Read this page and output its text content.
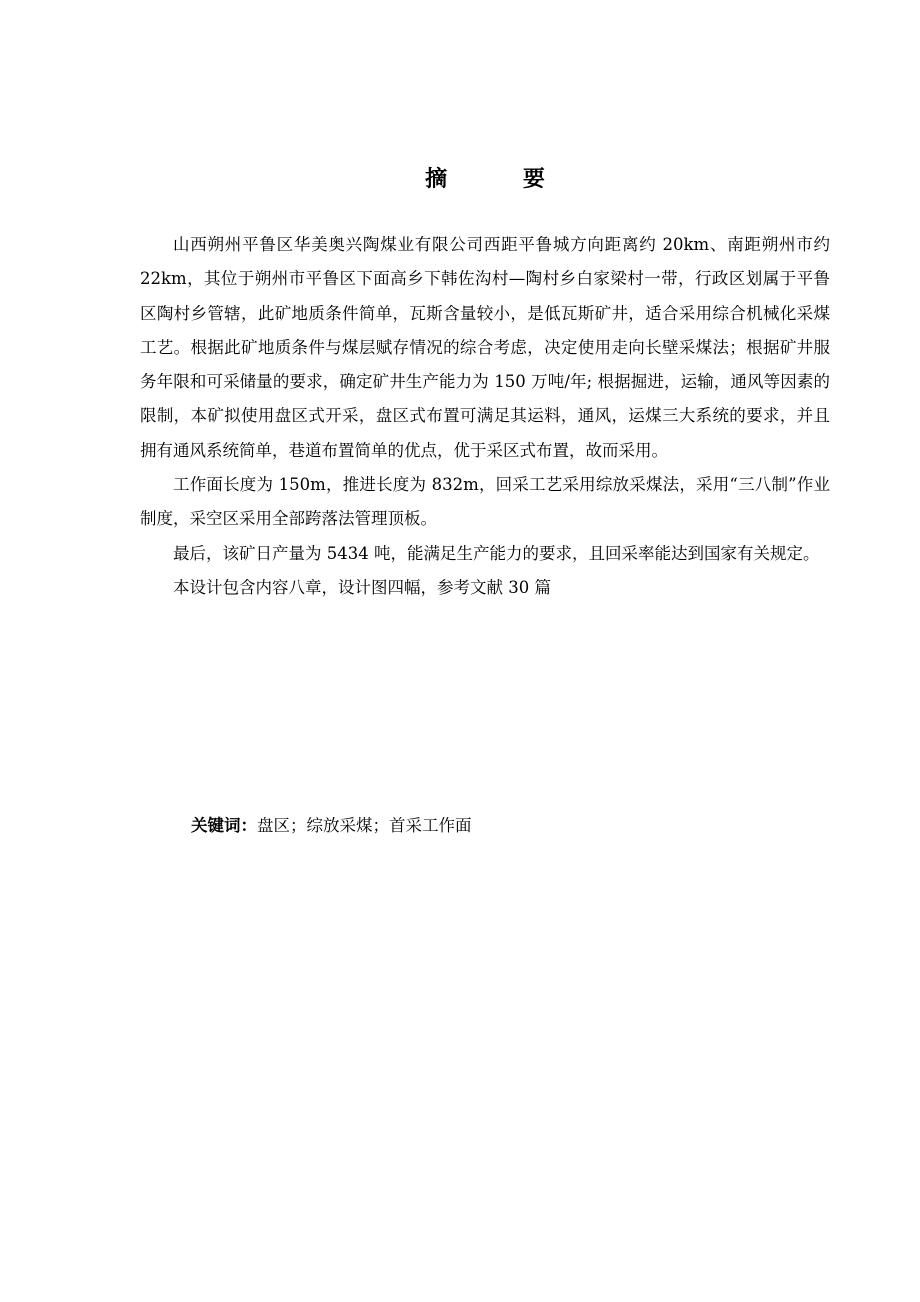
摘 要

山西朔州平鲁区华美奥兴陶煤业有限公司西距平鲁城方向距离约 20km、南距朔州市约 22km，其位于朔州市平鲁区下面高乡下韩佐沟村—陶村乡白家梁村一带，行政区划属于平鲁区陶村乡管辖，此矿地质条件简单，瓦斯含量较小，是低瓦斯矿井，适合采用综合机械化采煤工艺。根据此矿地质条件与煤层赋存情况的综合考虑，决定使用走向长壁采煤法；根据矿井服务年限和可采储量的要求，确定矿井生产能力为 150 万吨/年; 根据掘进，运输，通风等因素的限制，本矿拟使用盘区式开采，盘区式布置可满足其运料，通风，运煤三大系统的要求，并且拥有通风系统简单，巷道布置简单的优点，优于采区式布置，故而采用。

工作面长度为 150m，推进长度为 832m，回采工艺采用综放采煤法，采用“三八制”作业制度，采空区采用全部跨落法管理顶板。

最后，该矿日产量为 5434 吨，能满足生产能力的要求，且回采率能达到国家有关规定。

本设计包含内容八章，设计图四幅，参考文献 30 篇

关键词：盘区；综放采煤；首采工作面
